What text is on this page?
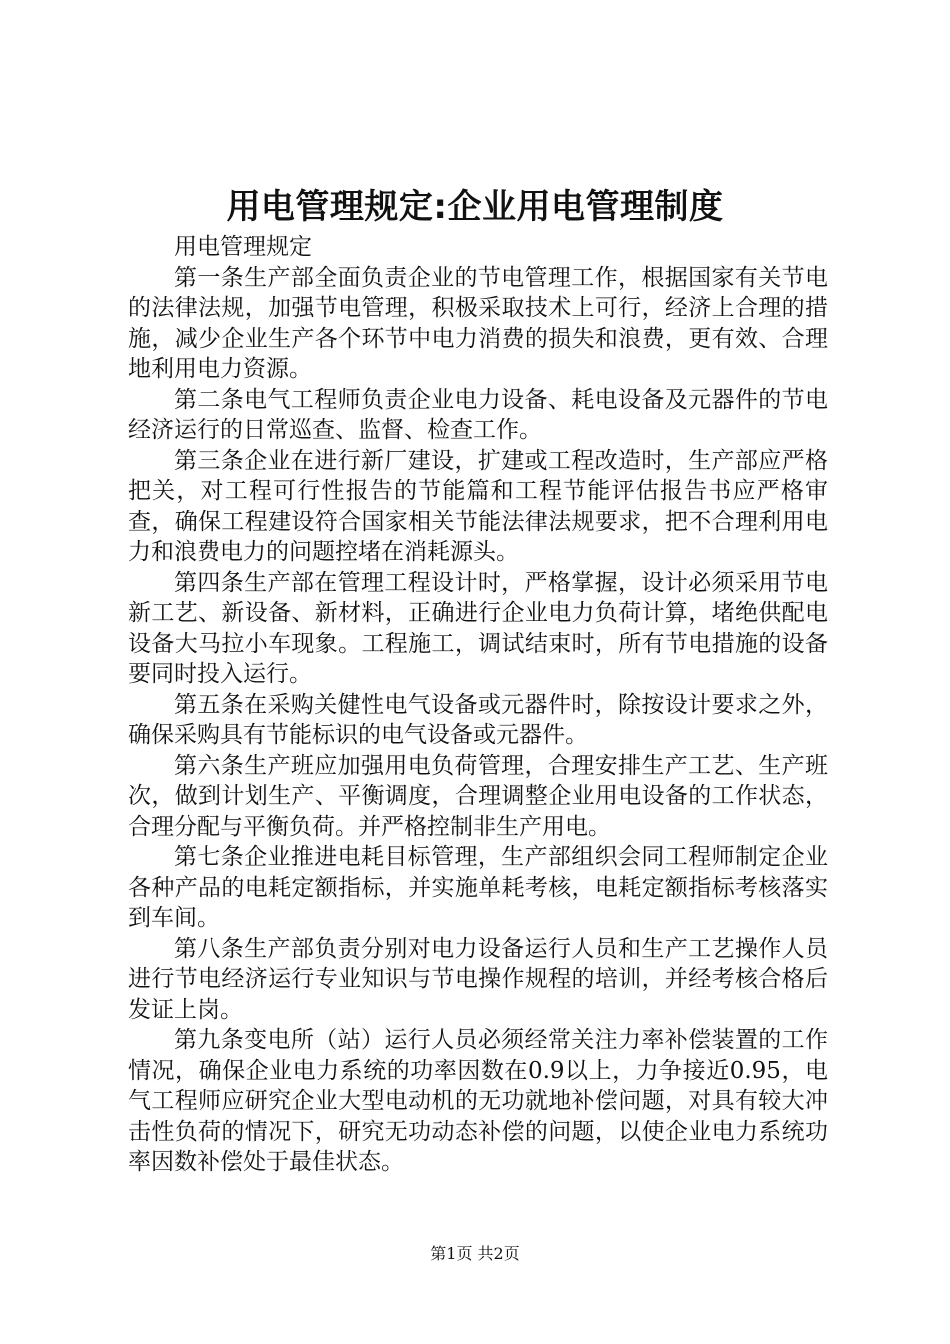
用电管理规定:企业用电管理制度

用电管理规定

第一条生产部全面负责企业的节电管理工作，根据国家有关节电的法律法规，加强节电管理，积极采取技术上可行，经济上合理的措施，减少企业生产各个环节中电力消费的损失和浪费，更有效、合理地利用电力资源。

第二条电气工程师负责企业电力设备、耗电设备及元器件的节电经济运行的日常巡查、监督、检查工作。

第三条企业在进行新厂建设，扩建或工程改造时，生产部应严格把关，对工程可行性报告的节能篇和工程节能评估报告书应严格审查，确保工程建设符合国家相关节能法律法规要求，把不合理利用电力和浪费电力的问题控堵在消耗源头。

第四条生产部在管理工程设计时，严格掌握，设计必须采用节电新工艺、新设备、新材料，正确进行企业电力负荷计算，堵绝供配电设备大马拉小车现象。工程施工，调试结束时，所有节电措施的设备要同时投入运行。

第五条在采购关健性电气设备或元器件时，除按设计要求之外，确保采购具有节能标识的电气设备或元器件。

第六条生产班应加强用电负荷管理，合理安排生产工艺、生产班次，做到计划生产、平衡调度，合理调整企业用电设备的工作状态，合理分配与平衡负荷。并严格控制非生产用电。

第七条企业推进电耗目标管理，生产部组织会同工程师制定企业各种产品的电耗定额指标，并实施单耗考核，电耗定额指标考核落实到车间。

第八条生产部负责分别对电力设备运行人员和生产工艺操作人员进行节电经济运行专业知识与节电操作规程的培训，并经考核合格后发证上岗。

第九条变电所（站）运行人员必须经常关注力率补偿装置的工作情况，确保企业电力系统的功率因数在0.9以上，力争接近0.95，电气工程师应研究企业大型电动机的无功就地补偿问题，对具有较大冲击性负荷的情况下，研究无功动态补偿的问题，以使企业电力系统功率因数补偿处于最佳状态。

第1页 共2页
